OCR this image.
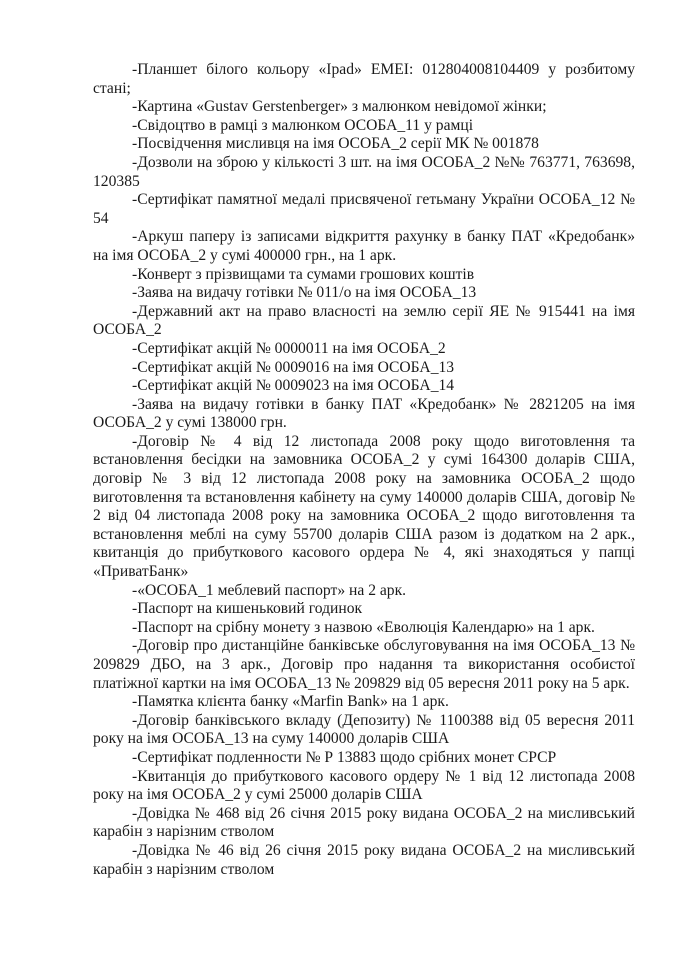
-Планшет білого кольору «Ipad» ЕМЕІ: 012804008104409 у розбитому стані;

-Картина «Gustav Gerstenberger» з малюнком невідомої жінки;

-Свідоцтво в рамці з малюнком ОСОБА_11 у рамці

-Посвідчення мисливця на імя ОСОБА_2 серії МК № 001878

-Дозволи на зброю у кількості 3 шт. на імя ОСОБА_2 №№ 763771, 763698, 120385

-Сертифікат памятної медалі присвяченої гетьману України ОСОБА_12 № 54

-Аркуш паперу із записами відкриття рахунку в банку ПАТ «Кредобанк» на імя ОСОБА_2 у сумі 400000 грн., на 1 арк.

-Конверт з прізвищами та сумами грошових коштів

-Заява на видачу готівки № 011/о на імя ОСОБА_13

-Державний акт на право власності на землю серії ЯЕ № 915441 на імя ОСОБА_2

-Сертифікат акцій № 0000011 на імя ОСОБА_2

-Сертифікат акцій № 0009016 на імя ОСОБА_13

-Сертифікат акцій № 0009023 на імя ОСОБА_14

-Заява на видачу готівки в банку ПАТ «Кредобанк» № 2821205 на імя ОСОБА_2 у сумі 138000 грн.

-Договір № 4 від 12 листопада 2008 року щодо виготовлення та встановлення бесідки на замовника ОСОБА_2 у сумі 164300 доларів США, договір № 3 від 12 листопада 2008 року на замовника ОСОБА_2 щодо виготовлення та встановлення кабінету на суму 140000 доларів США, договір № 2 від 04 листопада 2008 року на замовника ОСОБА_2 щодо виготовлення та встановлення меблі на суму 55700 доларів США разом із додатком на 2 арк., квитанція до прибуткового касового ордера № 4, які знаходяться у папці «ПриватБанк»

-«ОСОБА_1 меблевий паспорт» на 2 арк.

-Паспорт на кишеньковий годинок

-Паспорт на срібну монету з назвою «Еволюція Календарю» на 1 арк.

-Договір про дистанційне банківське обслуговування на імя ОСОБА_13 № 209829 ДБО, на 3 арк., Договір про надання та використання особистої платіжної картки на імя ОСОБА_13 № 209829 від 05 вересня 2011 року на 5 арк.

-Памятка клієнта банку «Marfin Bank» на 1 арк.

-Договір банківського вкладу (Депозиту) № 1100388 від 05 вересня 2011 року на імя ОСОБА_13 на суму 140000 доларів США

-Сертифікат подленности № Р 13883 щодо срібних монет СРСР

-Квитанція до прибуткового касового ордеру № 1 від 12 листопада 2008 року на імя ОСОБА_2 у сумі 25000 доларів США

-Довідка № 468 від 26 січня 2015 року видана ОСОБА_2 на мисливський карабін з нарізним стволом

-Довідка № 46 від 26 січня 2015 року видана ОСОБА_2 на мисливський карабін з нарізним стволом
